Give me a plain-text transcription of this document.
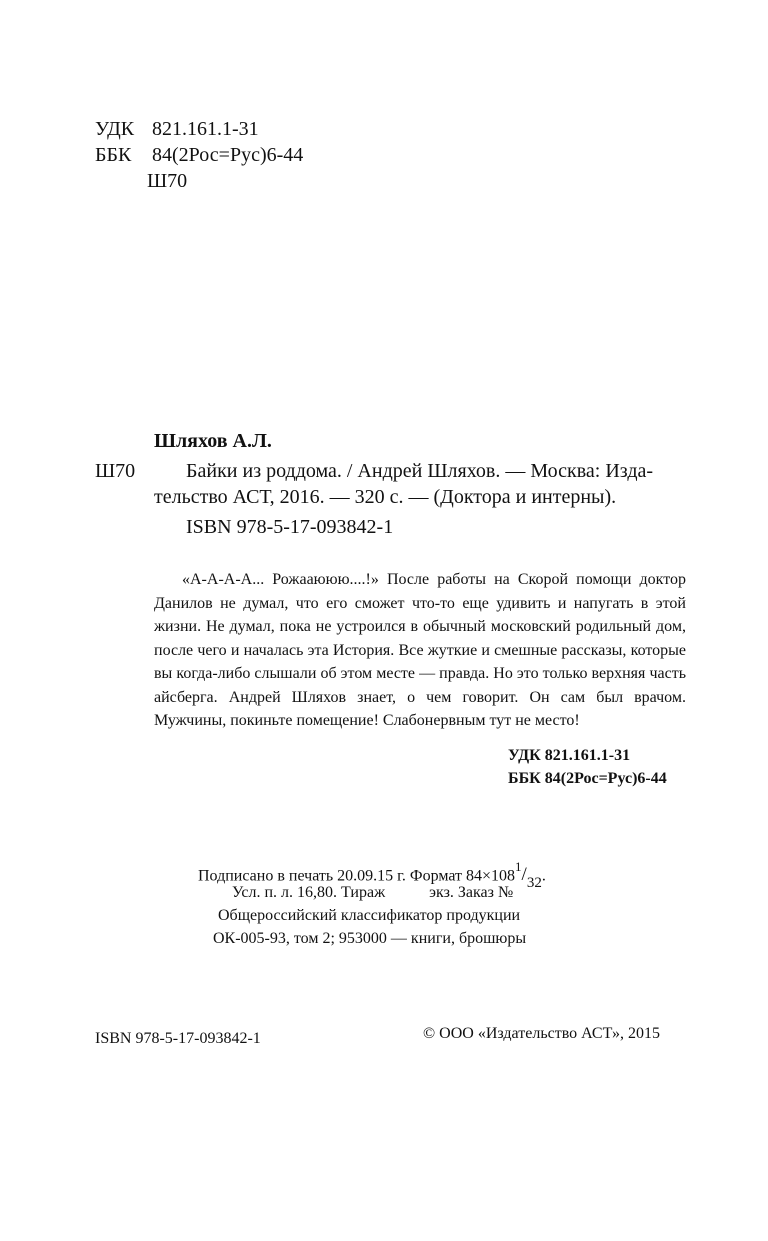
УДК 821.161.1-31
ББК 84(2Рос=Рус)6-44
Ш70
Шляхов А.Л.
Ш70	Байки из роддома. / Андрей Шляхов. — Москва: Изда-
тельство АСТ, 2016. — 320 с. — (Доктора и интерны).
ISBN 978-5-17-093842-1

«А-А-А-А... Рожааююю....!» После работы на Скорой помощи доктор Данилов не думал, что его сможет что-то еще удивить и напугать в этой жизни. Не думал, пока не устроился в обычный московский родильный дом, после чего и началась эта История. Все жуткие и смешные рассказы, которые вы когда-либо слышали об этом месте — правда. Но это только верхняя часть айсберга. Андрей Шляхов знает, о чем говорит. Он сам был врачом. Мужчины, покиньте помещение! Слабонервным тут не место!

УДК 821.161.1-31
ББК 84(2Рос=Рус)6-44
Подписано в печать 20.09.15 г. Формат $84\times 108^1/_{32}$.
Усл. п. л. 16,80. Тираж	экз. Заказ №
Общероссийский классификатор продукции
ОК-005-93, том 2; 953000 — книги, брошюры
ISBN 978-5-17-093842-1	© ООО «Издательство АСТ», 2015
